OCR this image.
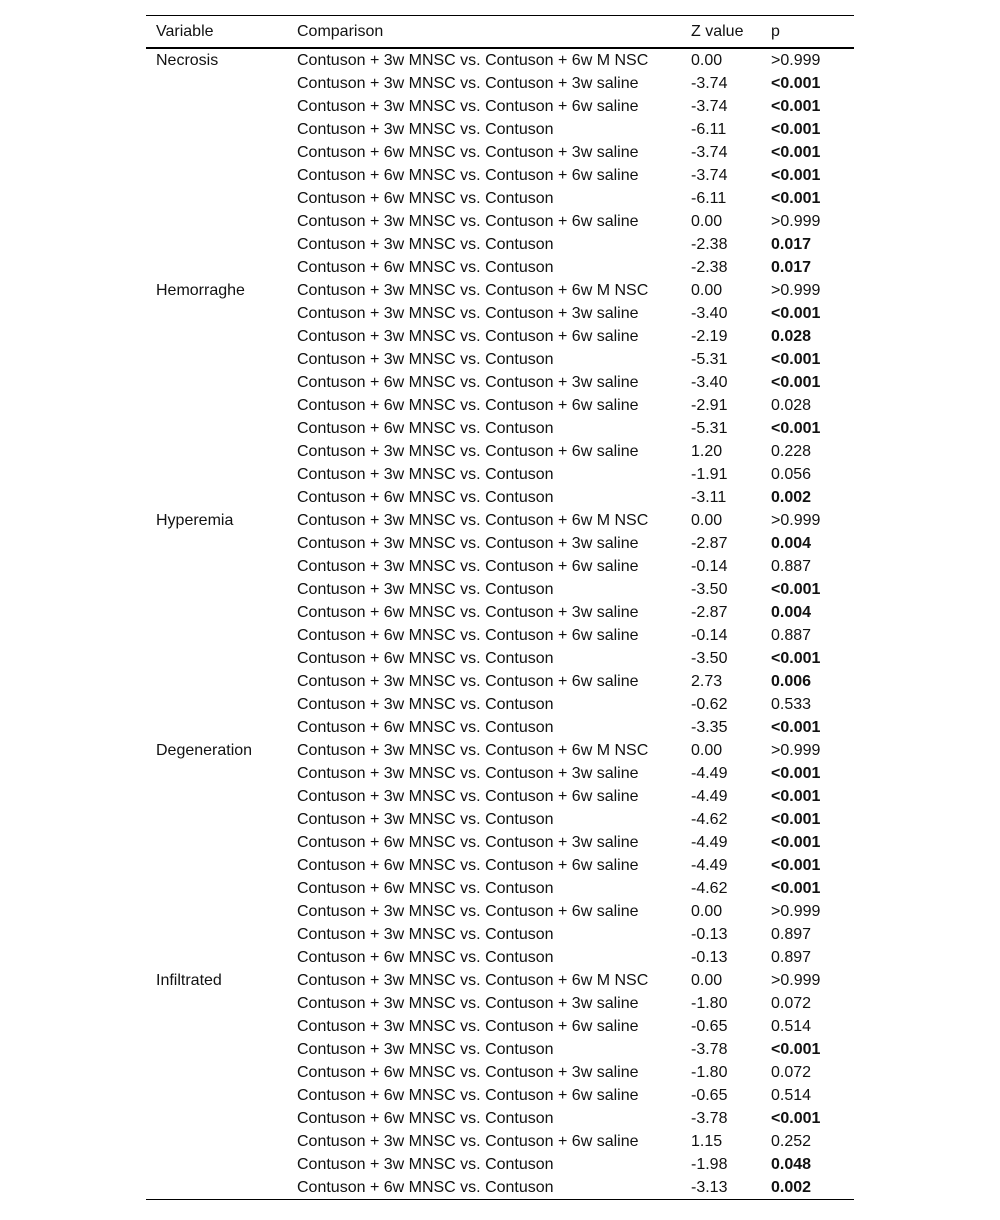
Variable	Comparison	Z value	p
Necrosis	Contuson + 3w MNSC vs. Contuson + 6w M NSC	0.00	>0.999
	Contuson + 3w MNSC vs. Contuson + 3w saline	-3.74	<0.001
	Contuson + 3w MNSC vs. Contuson + 6w saline	-3.74	<0.001
	Contuson + 3w MNSC vs. Contuson	-6.11	<0.001
	Contuson + 6w MNSC vs. Contuson + 3w saline	-3.74	<0.001
	Contuson + 6w MNSC vs. Contuson + 6w saline	-3.74	<0.001
	Contuson + 6w MNSC vs. Contuson	-6.11	<0.001
	Contuson + 3w MNSC vs. Contuson + 6w saline	0.00	>0.999
	Contuson + 3w MNSC vs. Contuson	-2.38	0.017
	Contuson + 6w MNSC vs. Contuson	-2.38	0.017
Hemorraghe	Contuson + 3w MNSC vs. Contuson + 6w M NSC	0.00	>0.999
	Contuson + 3w MNSC vs. Contuson + 3w saline	-3.40	<0.001
	Contuson + 3w MNSC vs. Contuson + 6w saline	-2.19	0.028
	Contuson + 3w MNSC vs. Contuson	-5.31	<0.001
	Contuson + 6w MNSC vs. Contuson + 3w saline	-3.40	<0.001
	Contuson + 6w MNSC vs. Contuson + 6w saline	-2.91	0.028
	Contuson + 6w MNSC vs. Contuson	-5.31	<0.001
	Contuson + 3w MNSC vs. Contuson + 6w saline	1.20	0.228
	Contuson + 3w MNSC vs. Contuson	-1.91	0.056
	Contuson + 6w MNSC vs. Contuson	-3.11	0.002
Hyperemia	Contuson + 3w MNSC vs. Contuson + 6w M NSC	0.00	>0.999
	Contuson + 3w MNSC vs. Contuson + 3w saline	-2.87	0.004
	Contuson + 3w MNSC vs. Contuson + 6w saline	-0.14	0.887
	Contuson + 3w MNSC vs. Contuson	-3.50	<0.001
	Contuson + 6w MNSC vs. Contuson + 3w saline	-2.87	0.004
	Contuson + 6w MNSC vs. Contuson + 6w saline	-0.14	0.887
	Contuson + 6w MNSC vs. Contuson	-3.50	<0.001
	Contuson + 3w MNSC vs. Contuson + 6w saline	2.73	0.006
	Contuson + 3w MNSC vs. Contuson	-0.62	0.533
	Contuson + 6w MNSC vs. Contuson	-3.35	<0.001
Degeneration	Contuson + 3w MNSC vs. Contuson + 6w M NSC	0.00	>0.999
	Contuson + 3w MNSC vs. Contuson + 3w saline	-4.49	<0.001
	Contuson + 3w MNSC vs. Contuson + 6w saline	-4.49	<0.001
	Contuson + 3w MNSC vs. Contuson	-4.62	<0.001
	Contuson + 6w MNSC vs. Contuson + 3w saline	-4.49	<0.001
	Contuson + 6w MNSC vs. Contuson + 6w saline	-4.49	<0.001
	Contuson + 6w MNSC vs. Contuson	-4.62	<0.001
	Contuson + 3w MNSC vs. Contuson + 6w saline	0.00	>0.999
	Contuson + 3w MNSC vs. Contuson	-0.13	0.897
	Contuson + 6w MNSC vs. Contuson	-0.13	0.897
Infiltrated	Contuson + 3w MNSC vs. Contuson + 6w M NSC	0.00	>0.999
	Contuson + 3w MNSC vs. Contuson + 3w saline	-1.80	0.072
	Contuson + 3w MNSC vs. Contuson + 6w saline	-0.65	0.514
	Contuson + 3w MNSC vs. Contuson	-3.78	<0.001
	Contuson + 6w MNSC vs. Contuson + 3w saline	-1.80	0.072
	Contuson + 6w MNSC vs. Contuson + 6w saline	-0.65	0.514
	Contuson + 6w MNSC vs. Contuson	-3.78	<0.001
	Contuson + 3w MNSC vs. Contuson + 6w saline	1.15	0.252
	Contuson + 3w MNSC vs. Contuson	-1.98	0.048
	Contuson + 6w MNSC vs. Contuson	-3.13	0.002
